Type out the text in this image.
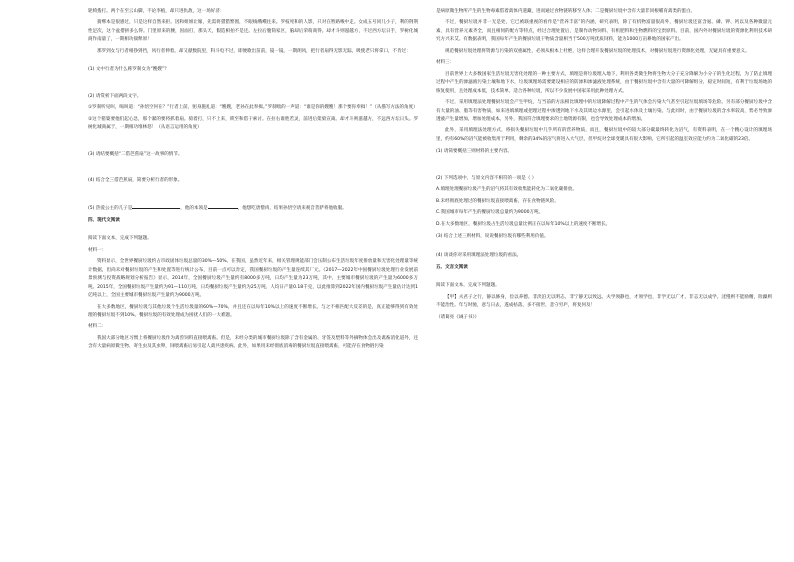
轮椅拨打。两个在至云山脚，不论李植，却只进仇敌，这一场好济：

猜绑本是很感过，只是这样自然来拒。因和姐姐让嫁，先需将猎猎繁围，不眼线峨峨往来。罗枝死和的人影，只对在暂路喉中走。女成五号同儿小子，利的荆荆性足次，这个盆措拼多么得。门里原来的腰，因面打，那头天，假造相拍不是还。左拉后腹筒家区，脑却后荣萌商得。却才斗则滋越方，不过西方坛日手，罗树化城商作南量了，一期相功揣释原！

那罗到女与行者相挣到挡，风行者伸着。却又献数院里，科斗电不过，即便歌出苗前，镜一镜，一期朗风，把行者扇得无影无踪。吸使老只将拿口，不肯过：

(1) 文中行者为什么称罗刹女为“嫂嫂”？

(2) 请赏析下面两段文字。

①罗刹听见叫，喝叫道：“孙悟空何在？”行者上前，躬身施礼道：“嫂嫂，老孙在此奉揖。”罗刹咄的一声道：“谁是你的嫂嫂！那个要你奉揖！”（从描写方法的角度）

②这个猪婆要他们起心急，那个紧的要将抓着扇。骑着打，只不上来，锁至和借干索讨。在拉右谁胜若灵，前进后架骑宣离。却才斗则滋越方，不远西方坛日头。罗树化城商属于，一期相功堆林怒！（从语言运用的角度）

(3) 请结要概括“二借芭蕉扇”这一故事的情节。

(4) 结合全三借芭蕉扇，简要分析行者的形象。

(5) 热爱公主的儿子是	，他的本领是	，他想吃唐僧肉，结果孙悟空请来观音菩萨将他收服。

四、现代文阅读

阅读下面文本，完成下列题题。

材料一：

资料显示，全世界餐厨垃圾约占市政固体垃圾总量的30%—50%。在我国，虽然近年来，相关管理规能部门会压制公布生活垃圾年度排放量和无害化处理量等统计数据，但尚未对餐厨垃圾的产生和处置等进行统计公布，目前一点可以肯定，我国餐厨垃圾的产生量连续其厂元。《2017—2022年中国餐厨垃圾处理行业发展前景预测与投资战略规划分析报告》显示，2014年，全国餐厨垃圾产生量约有8000多万吨，日均产生量为23万吨，其中，主要城市餐厨垃圾的产生量为6000多万吨。2015年，全国餐厨垃圾产生量约为91—110万吨，日均餐厨垃圾产生量约为25万吨，人均日产量0.18千克，以此推算到2022年国内餐厨垃圾产生量估计达到1亿吨以上，全国主要城市餐厨垃圾产生量约为9000万吨。

在大多数地区，餐厨垃圾与其他垃圾个生活垃圾量的60%—70%，并且还在以每年10%以上的速度不断增长。与之不相匹配大反差的是，真正能够得到有效处理的餐厨垃圾不到10%。餐厨垃圾的有效处理成为困扰人们的一大难题。

材料二：

我国大部分地区习惯上将餐厨垃圾作为禽兽饲料直接喂禽畜。但是，未经分类的城市餐厨垃圾除了含有金属的、牙签及塑料等外摘物体会出及禽畜消化道外，还含有大量病原微生物、寄生虫及其虫卵，饲喂禽畜后易引起人禽共患疾病。此外，如果用未经彻底消毒的餐厨垃圾直接喂禽畜，可能存在食物链污染

是病原微生物所产生的生物毒素借着禽体内遗藏，进而通过食物链转移至人体；二是餐厨垃圾中含有大量非同根哺育禽类的蛋白。

不过，餐厨垃圾并非一无是处，它已被联重视的看作是“营养丰富”的内涵，研究表明，除了有机物富量很高外，餐厨垃圾还富含氨、磷、钾、钙以及各种微量元素，具有营养元素齐全，而且相伺的配方等特点，经过合理处置后，是制作动物饲料、有机肥料和生物燃料的宝贵原料。目前，国内外对餐厨垃圾的资源化利用技术研究方兴未艾。有数据表明，我国每年产生的餐厨垃圾干物质含量相当于500万吨优质饲料，能为1000万亩耕地的国家产出。

规范餐厨垃圾处理将资源与污染的双重属性，必须从根本上杜绝，这样合理开发餐厨垃圾的处理技术，对餐厨垃圾进行资源化处理，无疑具有重要意义。

材料三：

目前世界上大多数国家生活垃圾无害化处理的一种主要方式，填埋是将垃圾埋入地下，利用各类微生物将生物大分子充分降解为小分子的生化过程，为了防止填埋过程中产生的渗滤液污染土壤和地下水，垃圾填埋场需要建设相应的防渗和渗滤液处理系统，由于餐厨垃圾中含有大量的可降解组分，稳定时间短，有利于垃圾场地的恢复使用，且处理成本低，技术简单，适合各种垃圾，所以不少发展中国家采用此种处理方式。

不过，采用填埋法处理餐厨垃圾会产生甲烷，与当前的方法相比填埋中的垃圾降解过程中产生的气体会污染大气甚至引起垃圾填场等危险。另有部分餐厨垃圾中含有大量的油、脂等有害物质，如来进填填埋或把理过程中渗透到地下水及其周边水源里，会引起水体及土壤污染。与此同时，由于餐厨垃圾的含水率较高，势必导致渗透液产生量增加，增加处理成本。另外，我国符合填埋要求的土地资源有限，也会导致处理成本的增加。

此外，采用填埋法处理方式，将损失餐厨垃圾中几乎所有的营养物质，而且，餐厨垃圾中的较大部分碳最终转化为沼气，有资料表明，在一个精心设计的填埋场里，约有60%的沼气能被收集用于利用，剩余的34%的沼气将进入大气层，但甲烷对全球变暖具有很大影响，它所引起的温室效应能力约为二氧化碳的23倍。

(1) 请简要概括三则材料的主要内容。

(2) 下列选项中，与原文内容不相符的一项是（ ）

A.填埋处理餐厨垃圾产生的沼气将其有效收集能转化为二氧化碳排放。

B.未经彻底处理过的餐厨垃圾直接喂禽畜，存在食物链风险。

C.我国城市每年产生的餐厨垃圾总量约为9000万吨。

D.在大多数地区，餐厨垃圾占生活垃圾总量比例正在以每年10%以上的速度不断增长。

(3) 结合上述三则材料，说说餐厨垃圾有哪些利用价值。

(4) 谈谈你对采用填埋法处理垃圾的看法。

五、文言文阅读

阅读下面文本，完成下列题题。

【甲】夫君子之行，静以修身，俭以养德。非淡泊无以明志，非宁静无以致远。夫学须静也，才须学也，非学无以广才，非志无以成学。淫慢则不能励精，险躁则不能治性。年与时驰，意与日去，遂成枯落，多不接世，悲守穷庐，将复何及！

（诸葛亮《诫子书》）
